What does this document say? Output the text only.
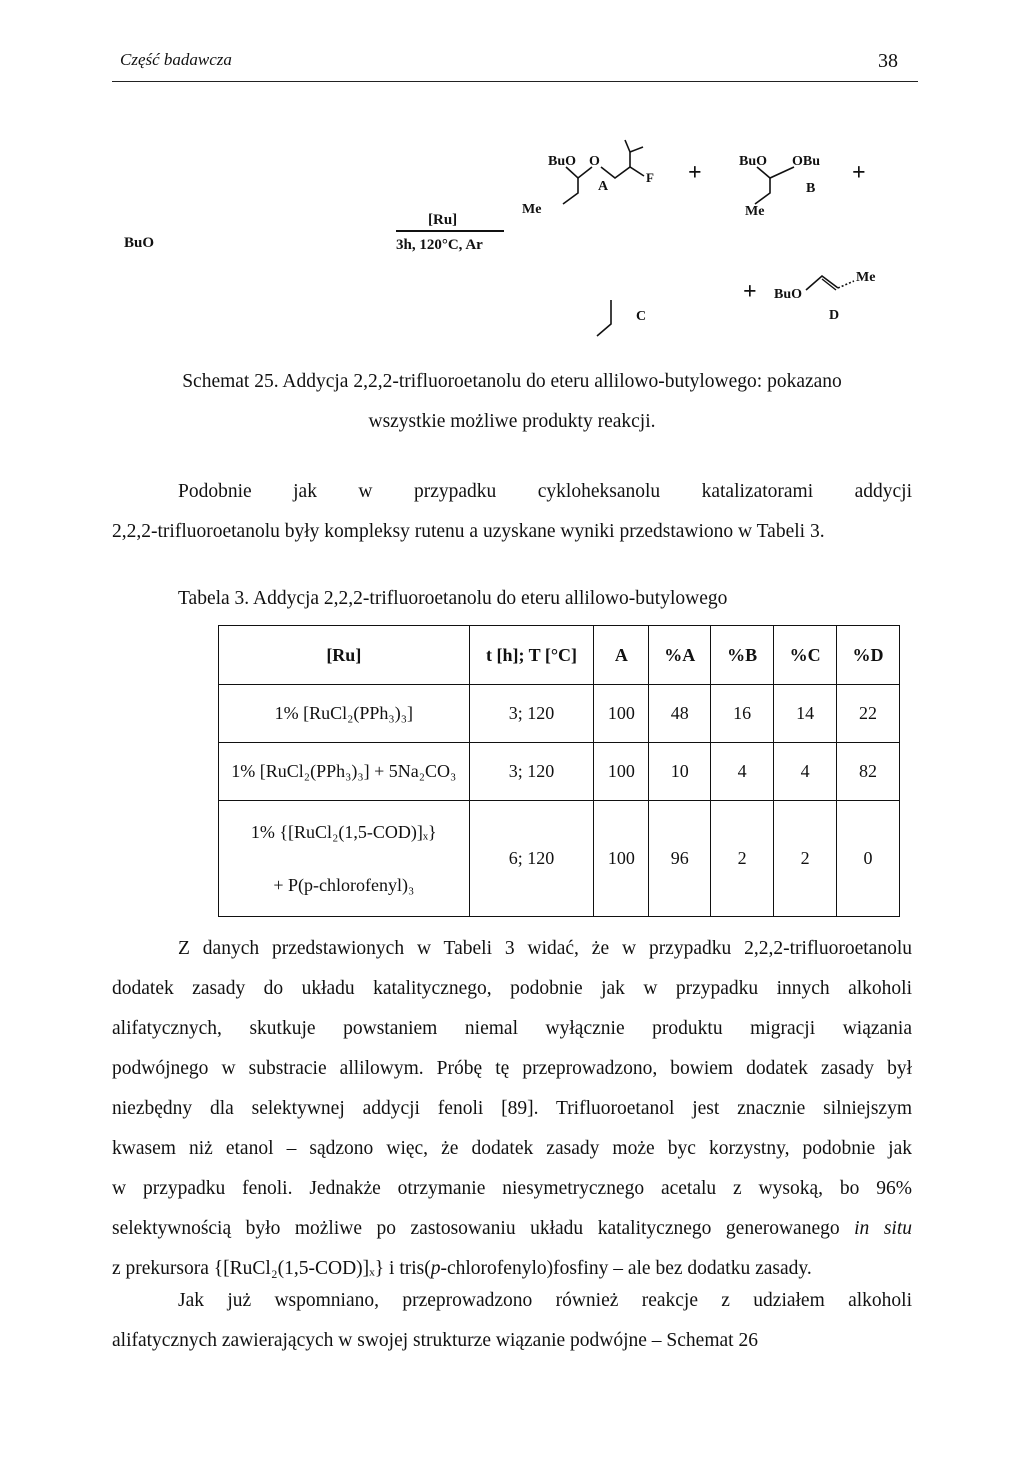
Część badawcza	38
BuO
[Ru]
3h, 120°C, Ar
BuO O
Me
F
A
+	BuO OBu
Me
B
+
C
+ BuO
Me
D
Schemat 25. Addycja 2,2,2-trifluoroetanolu do eteru allilowo-butylowego: pokazano
wszystkie możliwe produkty reakcji.
Podobnie jak w przypadku cykloheksanolu katalizatorami addycji
2,2,2-trifluoroetanolu były kompleksy rutenu a uzyskane wyniki przedstawiono w Tabeli 3.
Tabela 3. Addycja 2,2,2-trifluoroetanolu do eteru allilowo-butylowego
[Ru]	t [h]; T [°C]	A	%A	%B	%C	%D
1% [RuCl₂(PPh₃)₃]	3; 120	100	48	16	14	22
1% [RuCl₂(PPh₃)₃] + 5Na₂CO₃	3; 120	100	10	4	4	82

1% {[RuCl₂(1,5-COD)]ₓ}
+ P(p-chlorofenyl)₃	6; 120	100	96	2	2	0
Z danych przedstawionych w Tabeli 3 widać, że w przypadku 2,2,2-trifluoroetanolu
dodatek zasady do układu katalitycznego, podobnie jak w przypadku innych alkoholi
alifatycznych, skutkuje powstaniem niemal wyłącznie produktu migracji wiązania
podwójnego w substracie allilowym. Próbę tę przeprowadzono, bowiem dodatek zasady był
niezbędny dla selektywnej addycji fenoli [89]. Trifluoroetanol jest znacznie silniejszym
kwasem niż etanol – sądzono więc, że dodatek zasady może byc korzystny, podobnie jak
w przypadku fenoli. Jednakże otrzymanie niesymetrycznego acetalu z wysoką, bo 96%
selektywnością było możliwe po zastosowaniu układu katalitycznego generowanego in situ
z prekursora {[RuCl₂(1,5-COD)]ₓ} i tris(p-chlorofenylo)fosfiny – ale bez dodatku zasady.
Jak już wspomniano, przeprowadzono również reakcje z udziałem alkoholi
alifatycznych zawierających w swojej strukturze wiązanie podwójne – Schemat 26
